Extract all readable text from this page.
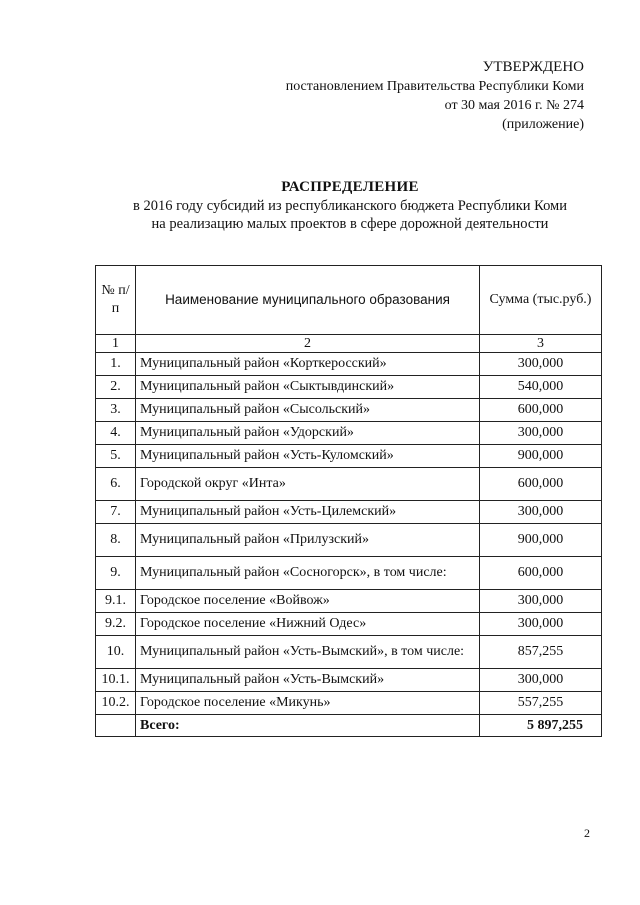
УТВЕРЖДЕНО
постановлением Правительства Республики Коми
от 30 мая 2016 г. № 274
(приложение)
РАСПРЕДЕЛЕНИЕ
в 2016 году субсидий из республиканского бюджета Республики Коми
на реализацию малых проектов в сфере дорожной деятельности
№ п/п	Наименование муниципального образования	Сумма (тыс.руб.)
1	2	3
1.	Муниципальный район «Корткеросский»	300,000
2.	Муниципальный район «Сыктывдинский»	540,000
3.	Муниципальный район «Сысольский»	600,000
4.	Муниципальный район «Удорский»	300,000
5.	Муниципальный район «Усть-Куломский»	900,000
6.	Городской округ «Инта»	600,000
7.	Муниципальный район «Усть-Цилемский»	300,000
8.	Муниципальный район «Прилузский»	900,000
9.	Муниципальный район «Сосногорск», в том числе:	600,000
9.1.	Городское поселение «Войвож»	300,000
9.2.	Городское поселение «Нижний Одес»	300,000
10.	Муниципальный район «Усть-Вымский», в том числе:	857,255
10.1.	Муниципальный район «Усть-Вымский»	300,000
10.2.	Городское поселение «Микунь»	557,255
	Всего:	5 897,255
2
